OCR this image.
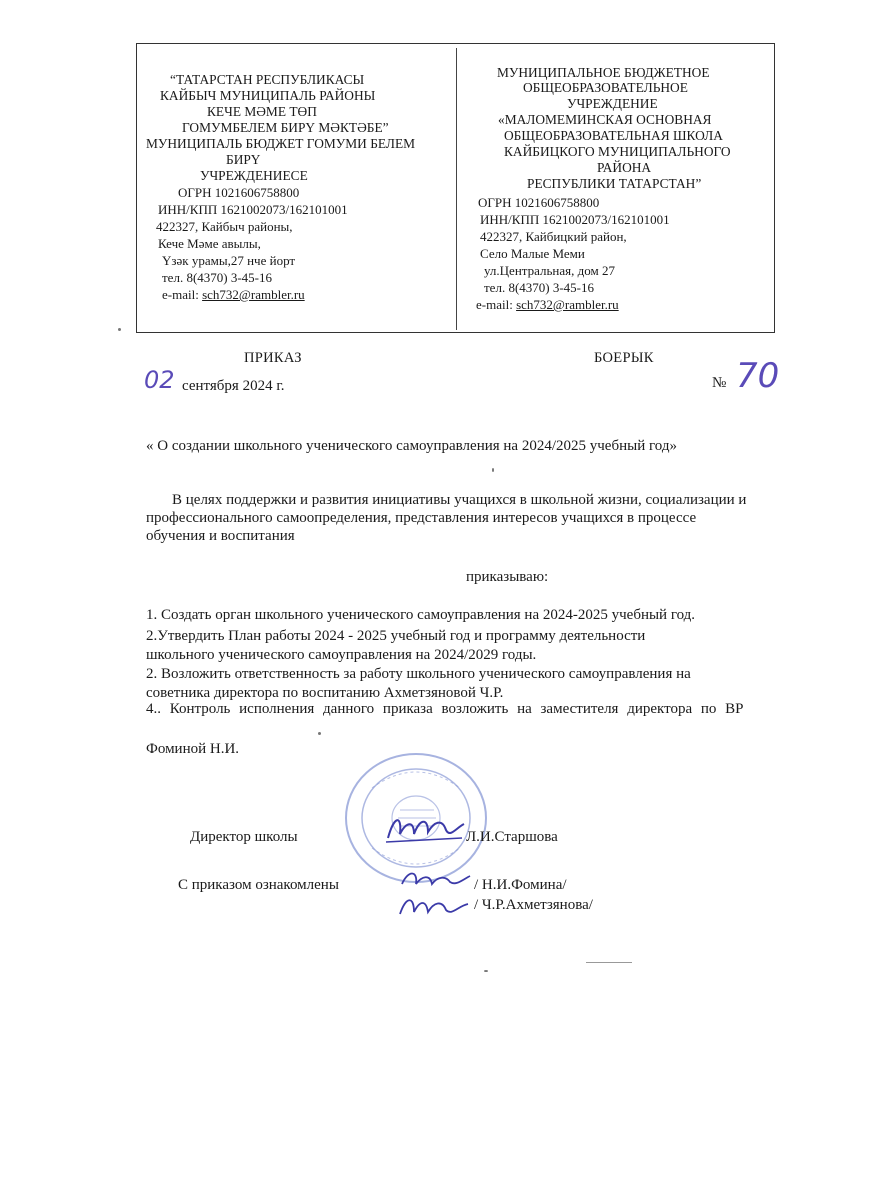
“ТАТАРСТАН РЕСПУБЛИКАСЫ
КАЙБЫЧ МУНИЦИПАЛЬ РАЙОНЫ
КЕЧЕ МӘМЕ ТӨП
ГОМУМБЕЛЕМ БИРҮ МӘКТӘБЕ”
МУНИЦИПАЛЬ БЮДЖЕТ ГОМУМИ БЕЛЕМ
БИРҮ
УЧРЕЖДЕНИЕСЕ
ОГРН 1021606758800
ИНН/КПП 1621002073/162101001
422327, Кайбыч районы,
Кече Мәме авылы,
Үзәк урамы,27 нче йорт
тел. 8(4370) 3-45-16
e-mail: sch732@rambler.ru
МУНИЦИПАЛЬНОЕ БЮДЖЕТНОЕ
ОБЩЕОБРАЗОВАТЕЛЬНОЕ
УЧРЕЖДЕНИЕ
«МАЛОМЕМИНСКАЯ ОСНОВНАЯ
ОБЩЕОБРАЗОВАТЕЛЬНАЯ ШКОЛА
КАЙБИЦКОГО МУНИЦИПАЛЬНОГО
РАЙОНА
РЕСПУБЛИКИ ТАТАРСТАН”
ОГРН 1021606758800
ИНН/КПП 1621002073/162101001
422327, Кайбицкий район,
Село Малые Меми
ул.Центральная, дом 27
тел. 8(4370) 3-45-16
e-mail: sch732@rambler.ru
ПРИКАЗ	БОЕРЫК
02 сентября 2024 г.	№ 70
« О создании школьного ученического самоуправления на 2024/2025 учебный год»
В целях поддержки и развития инициативы учащихся в школьной жизни, социализации и
профессионального самоопределения, представления интересов учащихся в процессе
обучения и воспитания
приказываю:
1. Создать орган школьного ученического самоуправления на 2024-2025 учебный год.
2.Утвердить План работы 2024 - 2025 учебный год и программу деятельности
школьного ученического самоуправления на 2024/2029 годы.
2. Возложить ответственность за работу школьного ученического самоуправления на
советника директора по воспитанию Ахметзяновой Ч.Р.
4.. Контроль исполнения данного приказа возложить на заместителя директора по ВР
Фоминой Н.И.
Директор школы	Л.И.Старшова
С приказом ознакомлены	/ Н.И.Фомина/
/ Ч.Р.Ахметзянова/
